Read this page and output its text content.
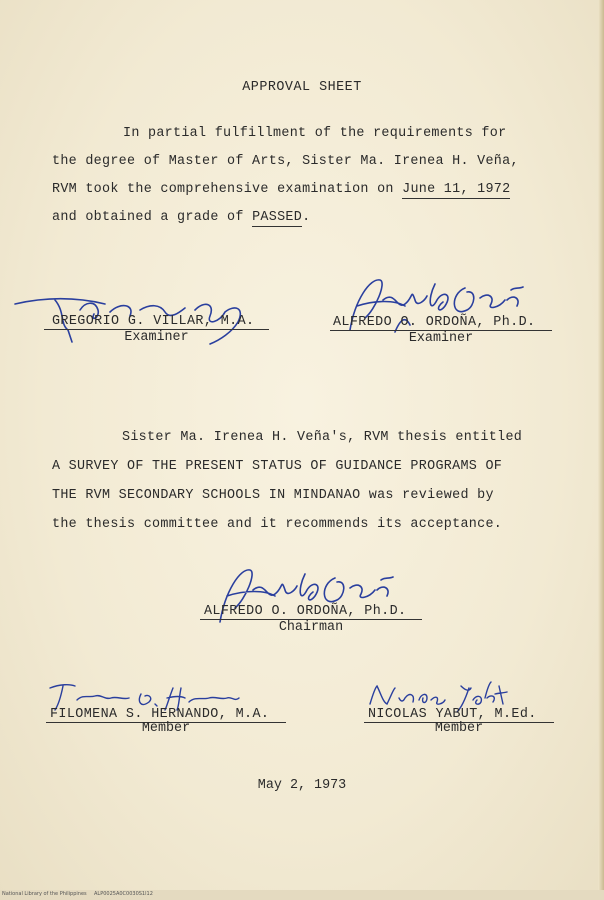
APPROVAL SHEET
In partial fulfillment of the requirements for
the degree of Master of Arts, Sister Ma. Irenea H. Veña,
RVM took the comprehensive examination on June 11, 1972
and obtained a grade of PASSED.
GREGORIO G. VILLAR, M.A.
Examiner
ALFREDO O. ORDOÑA, Ph.D.
Examiner
Sister Ma. Irenea H. Veña's, RVM thesis entitled
A SURVEY OF THE PRESENT STATUS OF GUIDANCE PROGRAMS OF
THE RVM SECONDARY SCHOOLS IN MINDANAO was reviewed by
the thesis committee and it recommends its acceptance.
ALFREDO O. ORDOÑA, Ph.D.
Chairman
FILOMENA S. HERNANDO, M.A.
Member
NICOLAS YABUT, M.Ed.
Member
May 2, 1973
National Library of the Philippines ALP0025A0C0030S1l12
